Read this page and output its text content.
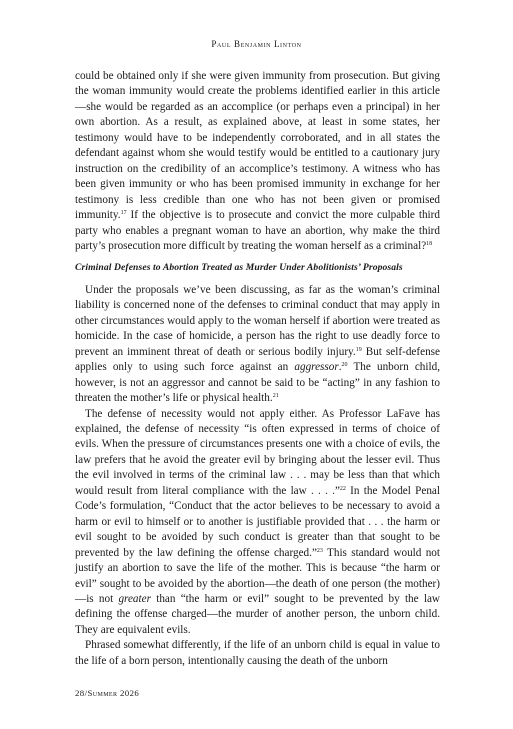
Paul Benjamin Linton

could be obtained only if she were given immunity from prosecution. But giving the woman immunity would create the problems identified earlier in this article—she would be regarded as an accomplice (or perhaps even a principal) in her own abortion. As a result, as explained above, at least in some states, her testimony would have to be independently corroborated, and in all states the defendant against whom she would testify would be entitled to a cautionary jury instruction on the credibility of an accomplice’s testimony. A witness who has been given immunity or who has been promised immunity in exchange for her testimony is less credible than one who has not been given or promised immunity.$^{17}$ If the objective is to prosecute and convict the more culpable third party who enables a pregnant woman to have an abortion, why make the third party’s prosecution more difficult by treating the woman herself as a criminal?$^{18}$

Criminal Defenses to Abortion Treated as Murder Under Abolitionists’ Proposals

Under the proposals we’ve been discussing, as far as the woman’s criminal liability is concerned none of the defenses to criminal conduct that may apply in other circumstances would apply to the woman herself if abortion were treated as homicide. In the case of homicide, a person has the right to use deadly force to prevent an imminent threat of death or serious bodily injury.$^{19}$ But self-defense applies only to using such force against an aggressor.$^{20}$ The unborn child, however, is not an aggressor and cannot be said to be “acting” in any fashion to threaten the mother’s life or physical health.$^{21}$

The defense of necessity would not apply either. As Professor LaFave has explained, the defense of necessity “is often expressed in terms of choice of evils. When the pressure of circumstances presents one with a choice of evils, the law prefers that he avoid the greater evil by bringing about the lesser evil. Thus the evil involved in terms of the criminal law . . . may be less than that which would result from literal compliance with the law . . . .”$^{22}$ In the Model Penal Code’s formulation, “Conduct that the actor believes to be necessary to avoid a harm or evil to himself or to another is justifiable provided that . . . the harm or evil sought to be avoided by such conduct is greater than that sought to be prevented by the law defining the offense charged.”$^{23}$ This standard would not justify an abortion to save the life of the mother. This is because “the harm or evil” sought to be avoided by the abortion—the death of one person (the mother)—is not greater than “the harm or evil” sought to be prevented by the law defining the offense charged—the murder of another person, the unborn child. They are equivalent evils.

Phrased somewhat differently, if the life of an unborn child is equal in value to the life of a born person, intentionally causing the death of the unborn

28/Summer 2026
